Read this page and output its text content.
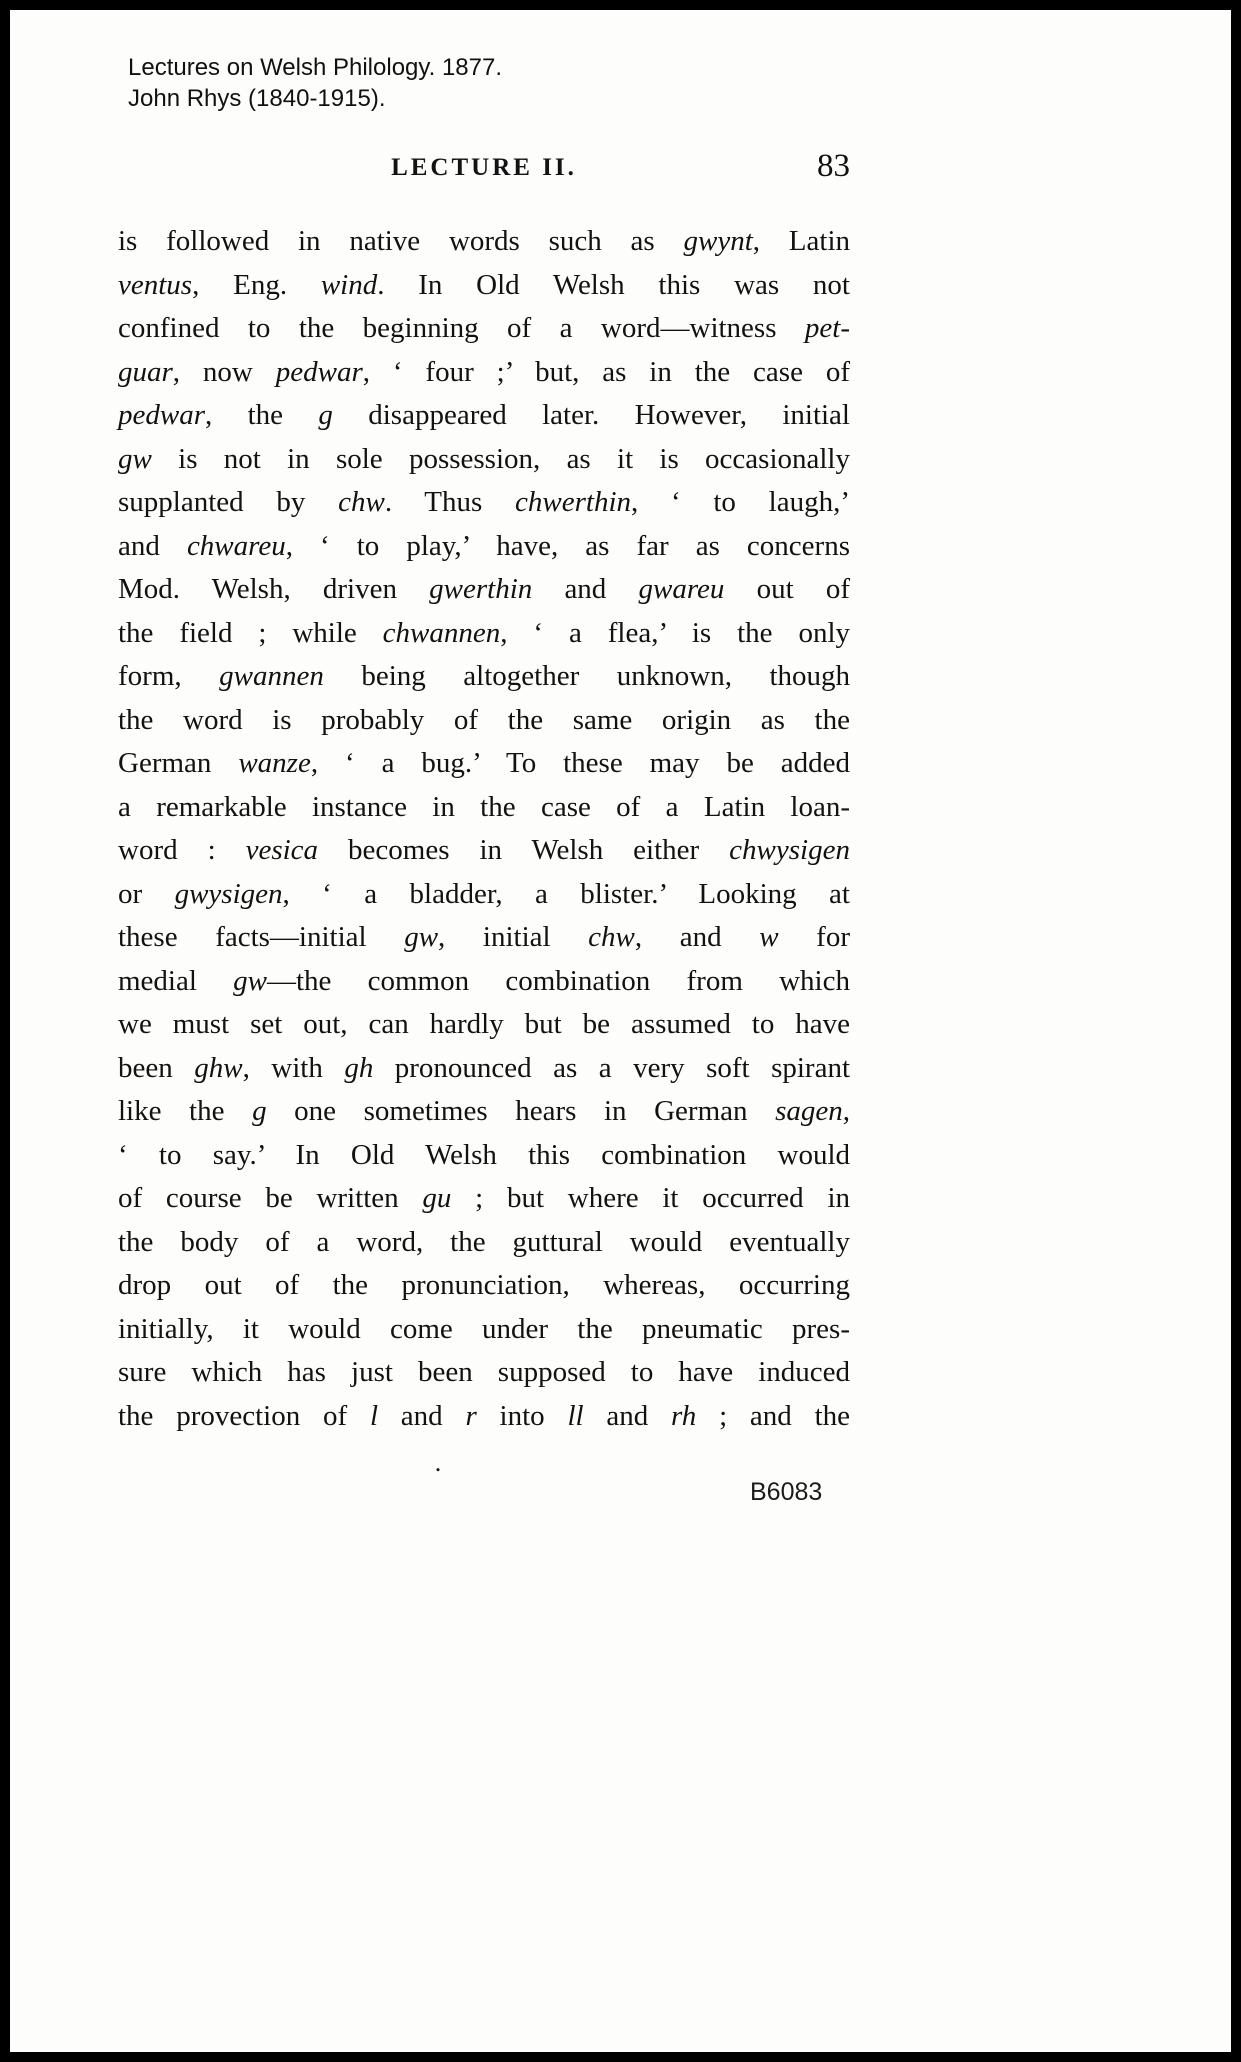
Lectures on Welsh Philology. 1877.
John Rhys (1840-1915).
LECTURE II.	83
is followed in native words such as gwynt, Latin
ventus, Eng. wind. In Old Welsh this was not
confined to the beginning of a word—witness pet-
guar, now pedwar, ‘ four ;’ but, as in the case of
pedwar, the g disappeared later. However, initial
gw is not in sole possession, as it is occasionally
supplanted by chw. Thus chwerthin, ‘ to laugh,’
and chwareu, ‘ to play,’ have, as far as concerns
Mod. Welsh, driven gwerthin and gwareu out of
the field ; while chwannen, ‘ a flea,’ is the only
form, gwannen being altogether unknown, though
the word is probably of the same origin as the
German wanze, ‘ a bug.’ To these may be added
a remarkable instance in the case of a Latin loan-
word : vesica becomes in Welsh either chwysigen
or gwysigen, ‘ a bladder, a blister.’ Looking at
these facts—initial gw, initial chw, and w for
medial gw—the common combination from which
we must set out, can hardly but be assumed to have
been ghw, with gh pronounced as a very soft spirant
like the g one sometimes hears in German sagen,
‘ to say.’ In Old Welsh this combination would
of course be written gu ; but where it occurred in
the body of a word, the guttural would eventually
drop out of the pronunciation, whereas, occurring
initially, it would come under the pneumatic pres-
sure which has just been supposed to have induced
the provection of l and r into ll and rh ; and the
.
B6083
